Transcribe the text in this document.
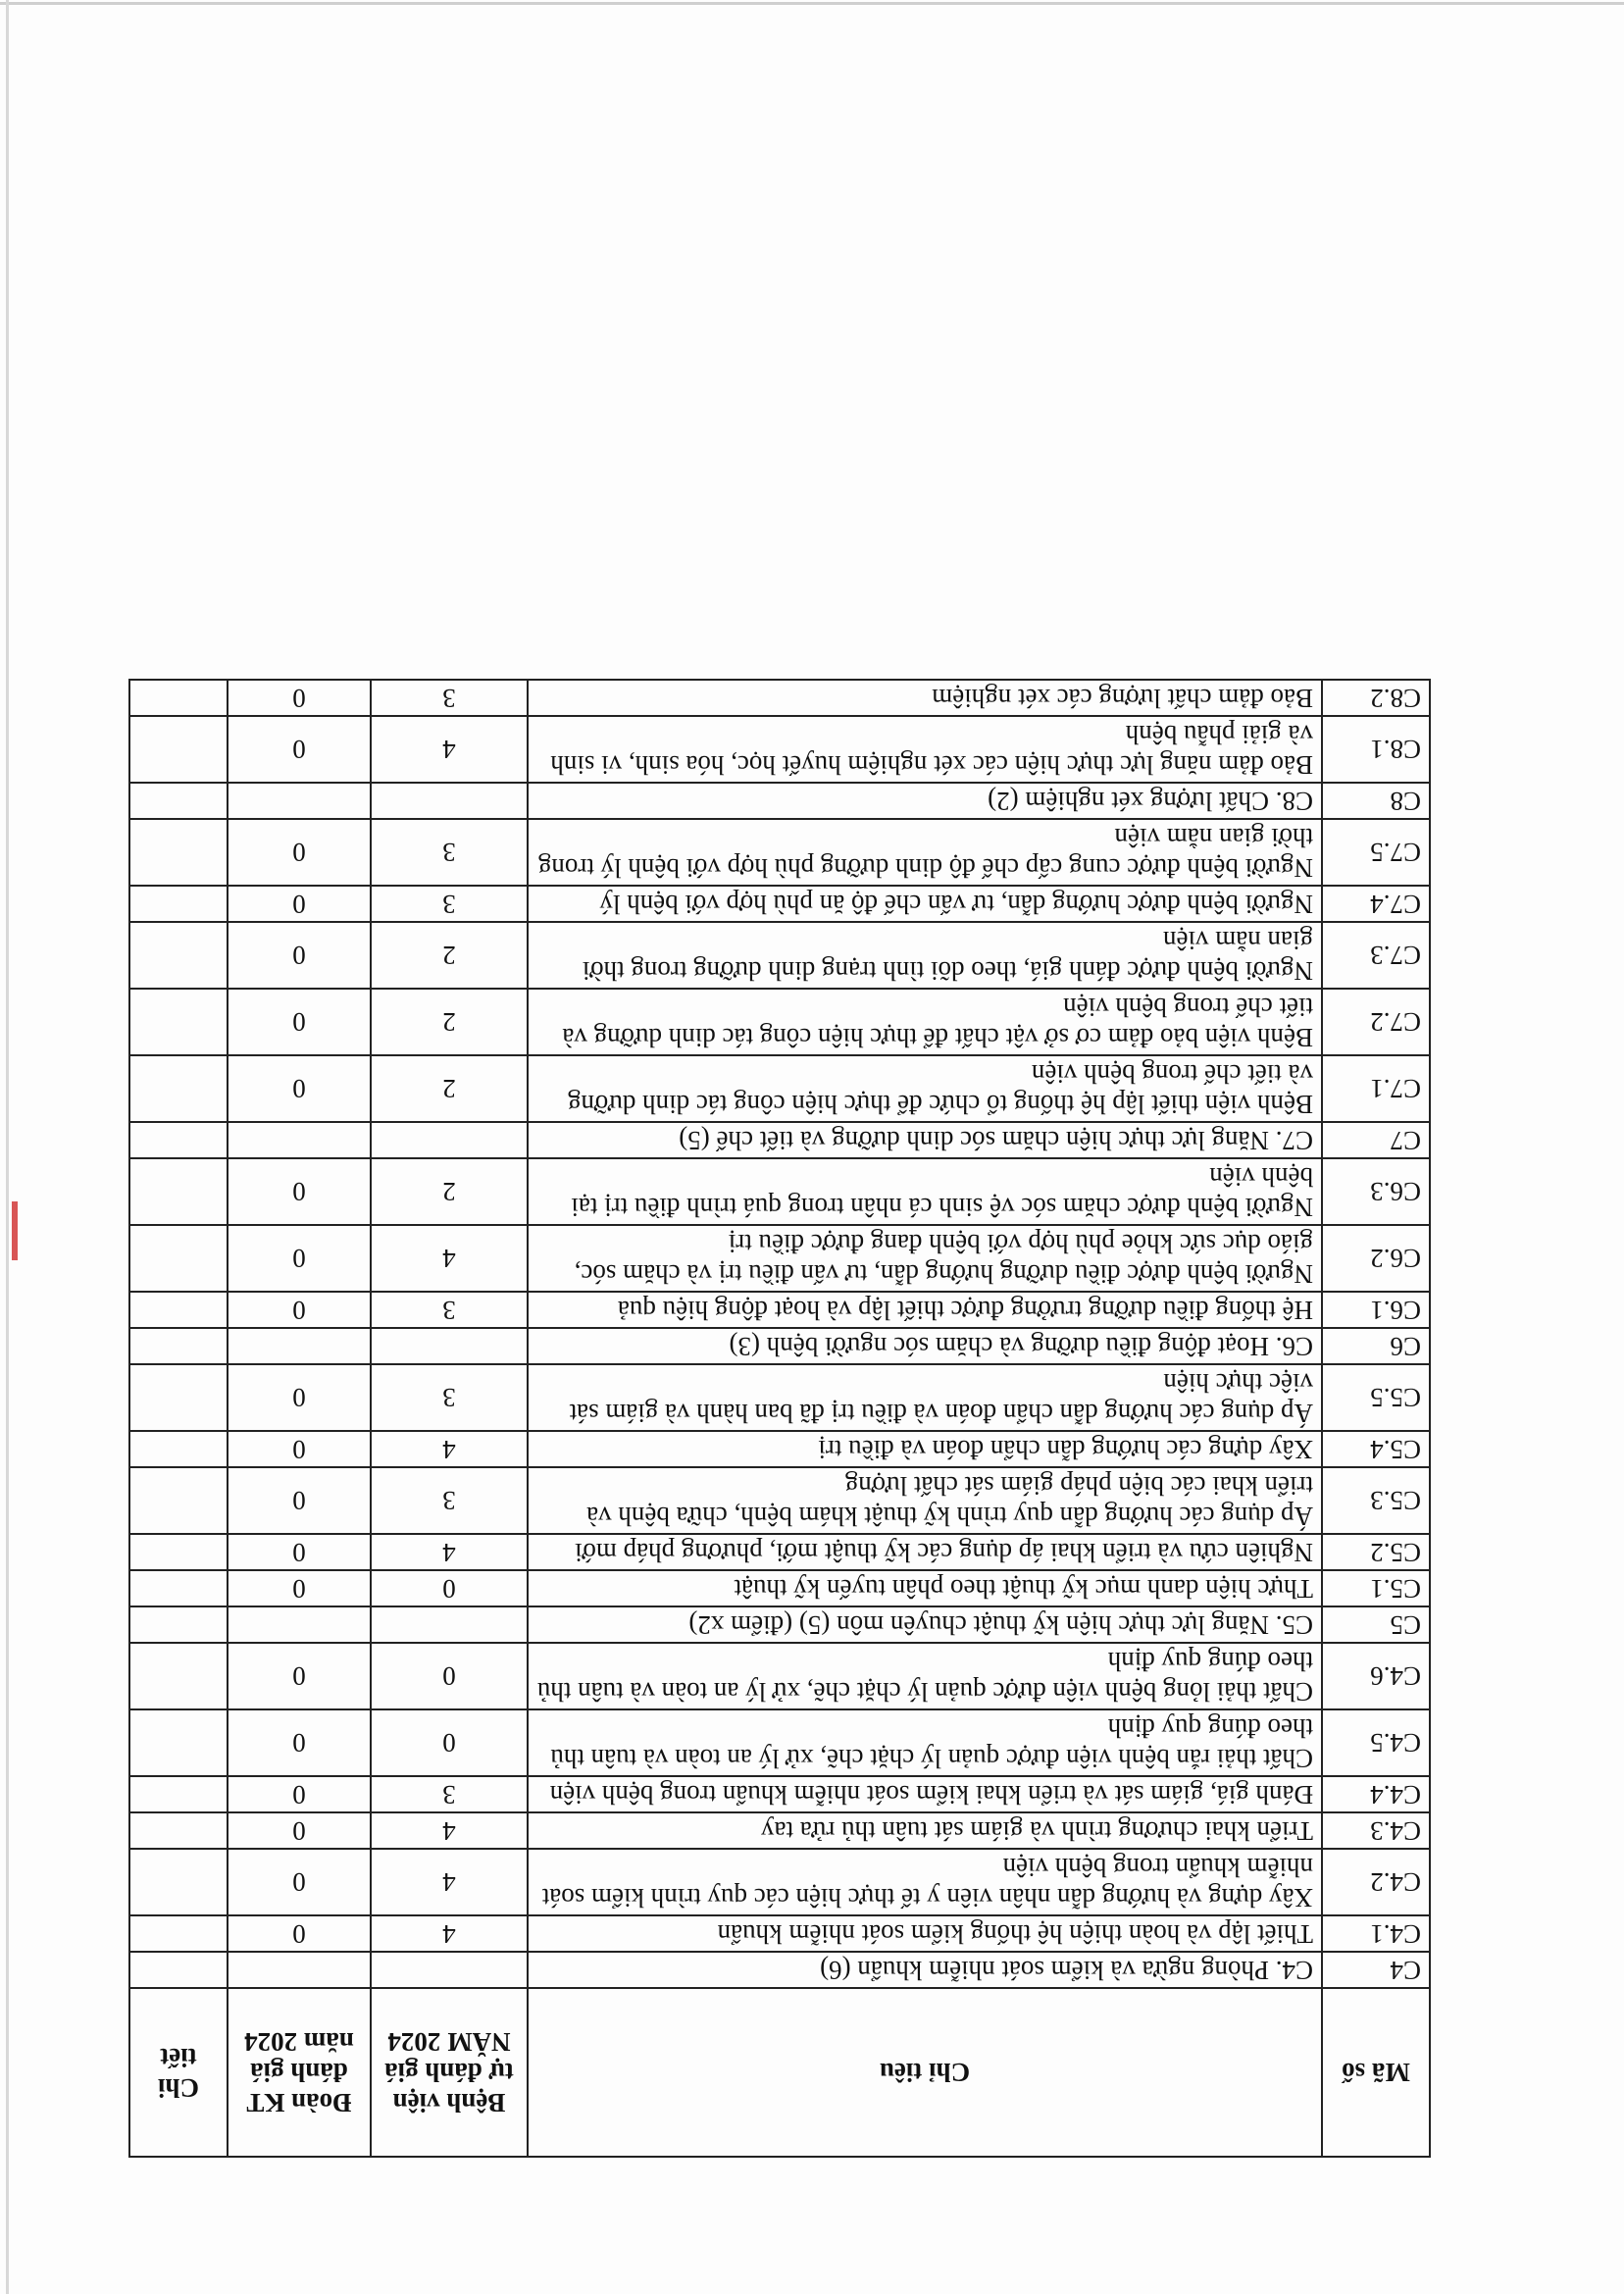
Mã số	Chỉ tiêu	Bệnh viện tự đánh giá NĂM 2024	Đoàn KT đánh giá năm 2024	Chi tiết
C4	C4. Phòng ngừa và kiểm soát nhiễm khuẩn (6)			
C4.1	Thiết lập và hoàn thiện hệ thống kiểm soát nhiễm khuẩn	4	0	
C4.2	Xây dựng và hướng dẫn nhân viên y tế thực hiện các quy trình kiểm soát nhiễm khuẩn trong bệnh viện	4	0	
C4.3	Triển khai chương trình và giám sát tuân thủ rửa tay	4	0	
C4.4	Đánh giá, giám sát và triển khai kiểm soát nhiễm khuẩn trong bệnh viện	3	0	
C4.5	Chất thải rắn bệnh viện được quản lý chặt chẽ, xử lý an toàn và tuân thủ theo đúng quy định	0	0	
C4.6	Chất thải lỏng bệnh viện được quản lý chặt chẽ, xử lý an toàn và tuân thủ theo đúng quy định	0	0	
C5	C5. Năng lực thực hiện kỹ thuật chuyên môn (5) (điểm x2)			
C5.1	Thực hiện danh mục kỹ thuật theo phân tuyến kỹ thuật	0	0	
C5.2	Nghiên cứu và triển khai áp dụng các kỹ thuật mới, phương pháp mới	4	0	
C5.3	Áp dụng các hướng dẫn quy trình kỹ thuật khám bệnh, chữa bệnh và triển khai các biện pháp giám sát chất lượng	3	0	
C5.4	Xây dựng các hướng dẫn chẩn đoán và điều trị	4	0	
C5.5	Áp dụng các hướng dẫn chẩn đoán và điều trị đã ban hành và giám sát việc thực hiện	3	0	
C6	C6. Hoạt động điều dưỡng và chăm sóc người bệnh (3)			
C6.1	Hệ thống điều dưỡng trưởng được thiết lập và hoạt động hiệu quả	3	0	
C6.2	Người bệnh được điều dưỡng hướng dẫn, tư vấn điều trị và chăm sóc, giáo dục sức khỏe phù hợp với bệnh đang được điều trị	4	0	
C6.3	Người bệnh được chăm sóc vệ sinh cá nhân trong quá trình điều trị tại bệnh viện	2	0	
C7	C7. Năng lực thực hiện chăm sóc dinh dưỡng và tiết chế (5)			
C7.1	Bệnh viện thiết lập hệ thống tổ chức để thực hiện công tác dinh dưỡng và tiết chế trong bệnh viện	2	0	
C7.2	Bệnh viện bảo đảm cơ sở vật chất để thực hiện công tác dinh dưỡng và tiết chế trong bệnh viện	2	0	
C7.3	Người bệnh được đánh giá, theo dõi tình trạng dinh dưỡng trong thời gian nằm viện	2	0	
C7.4	Người bệnh được hướng dẫn, tư vấn chế độ ăn phù hợp với bệnh lý	3	0	
C7.5	Người bệnh được cung cấp chế độ dinh dưỡng phù hợp với bệnh lý trong thời gian nằm viện	3	0	
C8	C8. Chất lượng xét nghiệm (2)			
C8.1	Bảo đảm năng lực thực hiện các xét nghiệm huyết học, hóa sinh, vi sinh và giải phẫu bệnh	4	0	
C8.2	Bảo đảm chất lượng các xét nghiệm	3	0	
